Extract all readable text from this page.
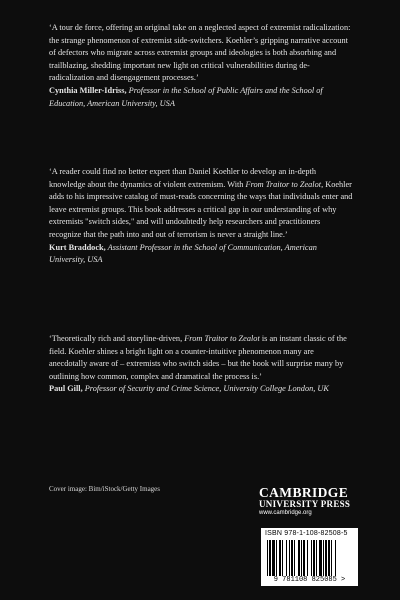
‘A tour de force, offering an original take on a neglected aspect of extremist radicalization: the strange phenomenon of extremist side-switchers. Koehler’s gripping narrative account of defectors who migrate across extremist groups and ideologies is both absorbing and trailblazing, shedding important new light on critical vulnerabilities during de-radicalization and disengagement processes.’

Cynthia Miller-Idriss, Professor in the School of Public Affairs and the School of Education, American University, USA

‘A reader could find no better expert than Daniel Koehler to develop an in-depth knowledge about the dynamics of violent extremism. With From Traitor to Zealot, Koehler adds to his impressive catalog of must-reads concerning the ways that individuals enter and leave extremist groups. This book addresses a critical gap in our understanding of why extremists "switch sides," and will undoubtedly help researchers and practitioners recognize that the path into and out of terrorism is never a straight line.’

Kurt Braddock, Assistant Professor in the School of Communication, American University, USA

‘Theoretically rich and storyline-driven, From Traitor to Zealot is an instant classic of the field. Koehler shines a bright light on a counter-intuitive phenomenon many are anecdotally aware of – extremists who switch sides – but the book will surprise many by outlining how common, complex and dramatical the process is.’

Paul Gill, Professor of Security and Crime Science, University College London, UK

Cover image: Bim/iStock/Getty Images	CAMBRIDGE
UNIVERSITY PRESS
www.cambridge.org
ISBN 978-1-108-82508-5
9 781108 825085 >
